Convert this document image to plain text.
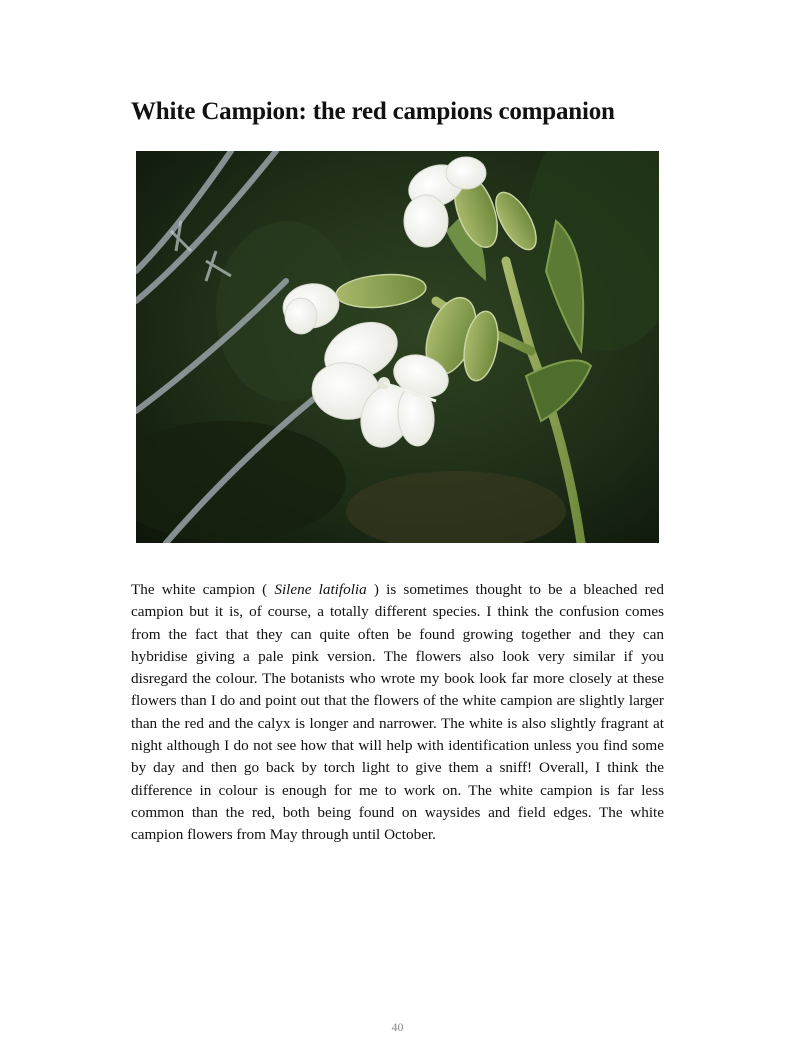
White Campion: the red campions companion

The white campion ( Silene latifolia ) is sometimes thought to be a bleached red campion but it is, of course, a totally different species. I think the confusion comes from the fact that they can quite often be found growing together and they can hybridise giving a pale pink version. The flowers also look very similar if you disregard the colour. The botanists who wrote my book look far more closely at these flowers than I do and point out that the flowers of the white campion are slightly larger than the red and the calyx is longer and narrower. The white is also slightly fragrant at night although I do not see how that will help with identification unless you find some by day and then go back by torch light to give them a sniff! Overall, I think the difference in colour is enough for me to work on. The white campion is far less common than the red, both being found on waysides and field edges. The white campion flowers from May through until October.

40
